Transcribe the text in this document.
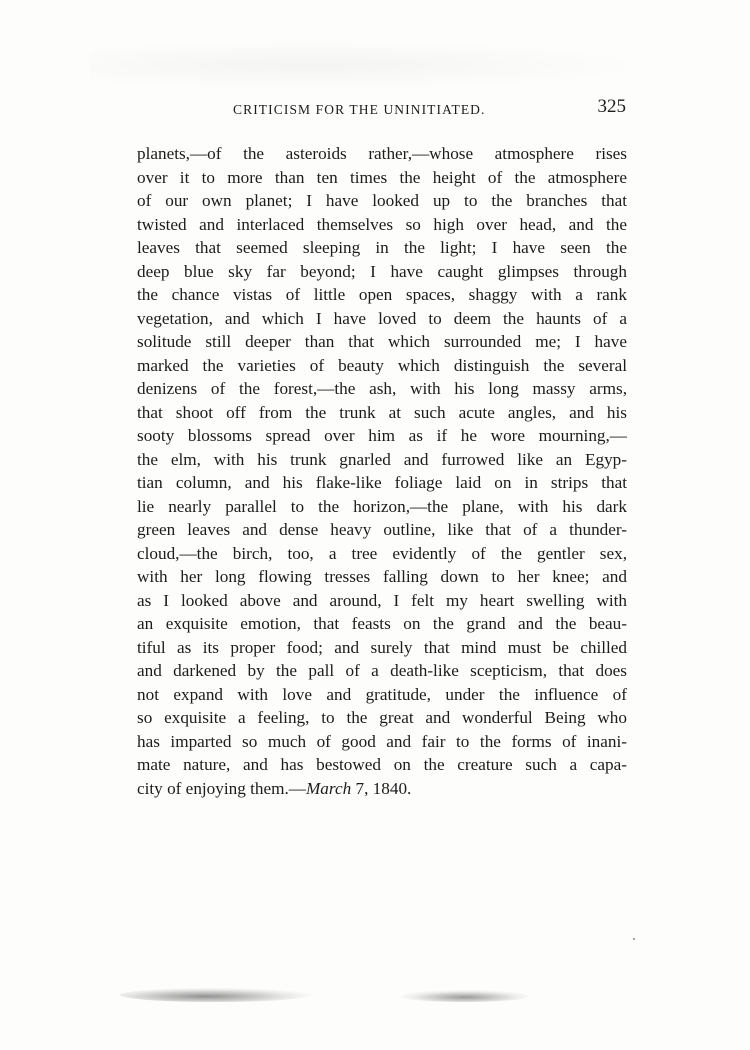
CRITICISM FOR THE UNINITIATED.	325
planets,—of the asteroids rather,—whose atmosphere rises
over it to more than ten times the height of the atmosphere
of our own planet; I have looked up to the branches that
twisted and interlaced themselves so high over head, and the
leaves that seemed sleeping in the light; I have seen the
deep blue sky far beyond; I have caught glimpses through
the chance vistas of little open spaces, shaggy with a rank
vegetation, and which I have loved to deem the haunts of a
solitude still deeper than that which surrounded me; I have
marked the varieties of beauty which distinguish the several
denizens of the forest,—the ash, with his long massy arms,
that shoot off from the trunk at such acute angles, and his
sooty blossoms spread over him as if he wore mourning,—
the elm, with his trunk gnarled and furrowed like an Egyp-
tian column, and his flake-like foliage laid on in strips that
lie nearly parallel to the horizon,—the plane, with his dark
green leaves and dense heavy outline, like that of a thunder-
cloud,—the birch, too, a tree evidently of the gentler sex,
with her long flowing tresses falling down to her knee; and
as I looked above and around, I felt my heart swelling with
an exquisite emotion, that feasts on the grand and the beau-
tiful as its proper food; and surely that mind must be chilled
and darkened by the pall of a death-like scepticism, that does
not expand with love and gratitude, under the influence of
so exquisite a feeling, to the great and wonderful Being who
has imparted so much of good and fair to the forms of inani-
mate nature, and has bestowed on the creature such a capa-
city of enjoying them.—March 7, 1840.
